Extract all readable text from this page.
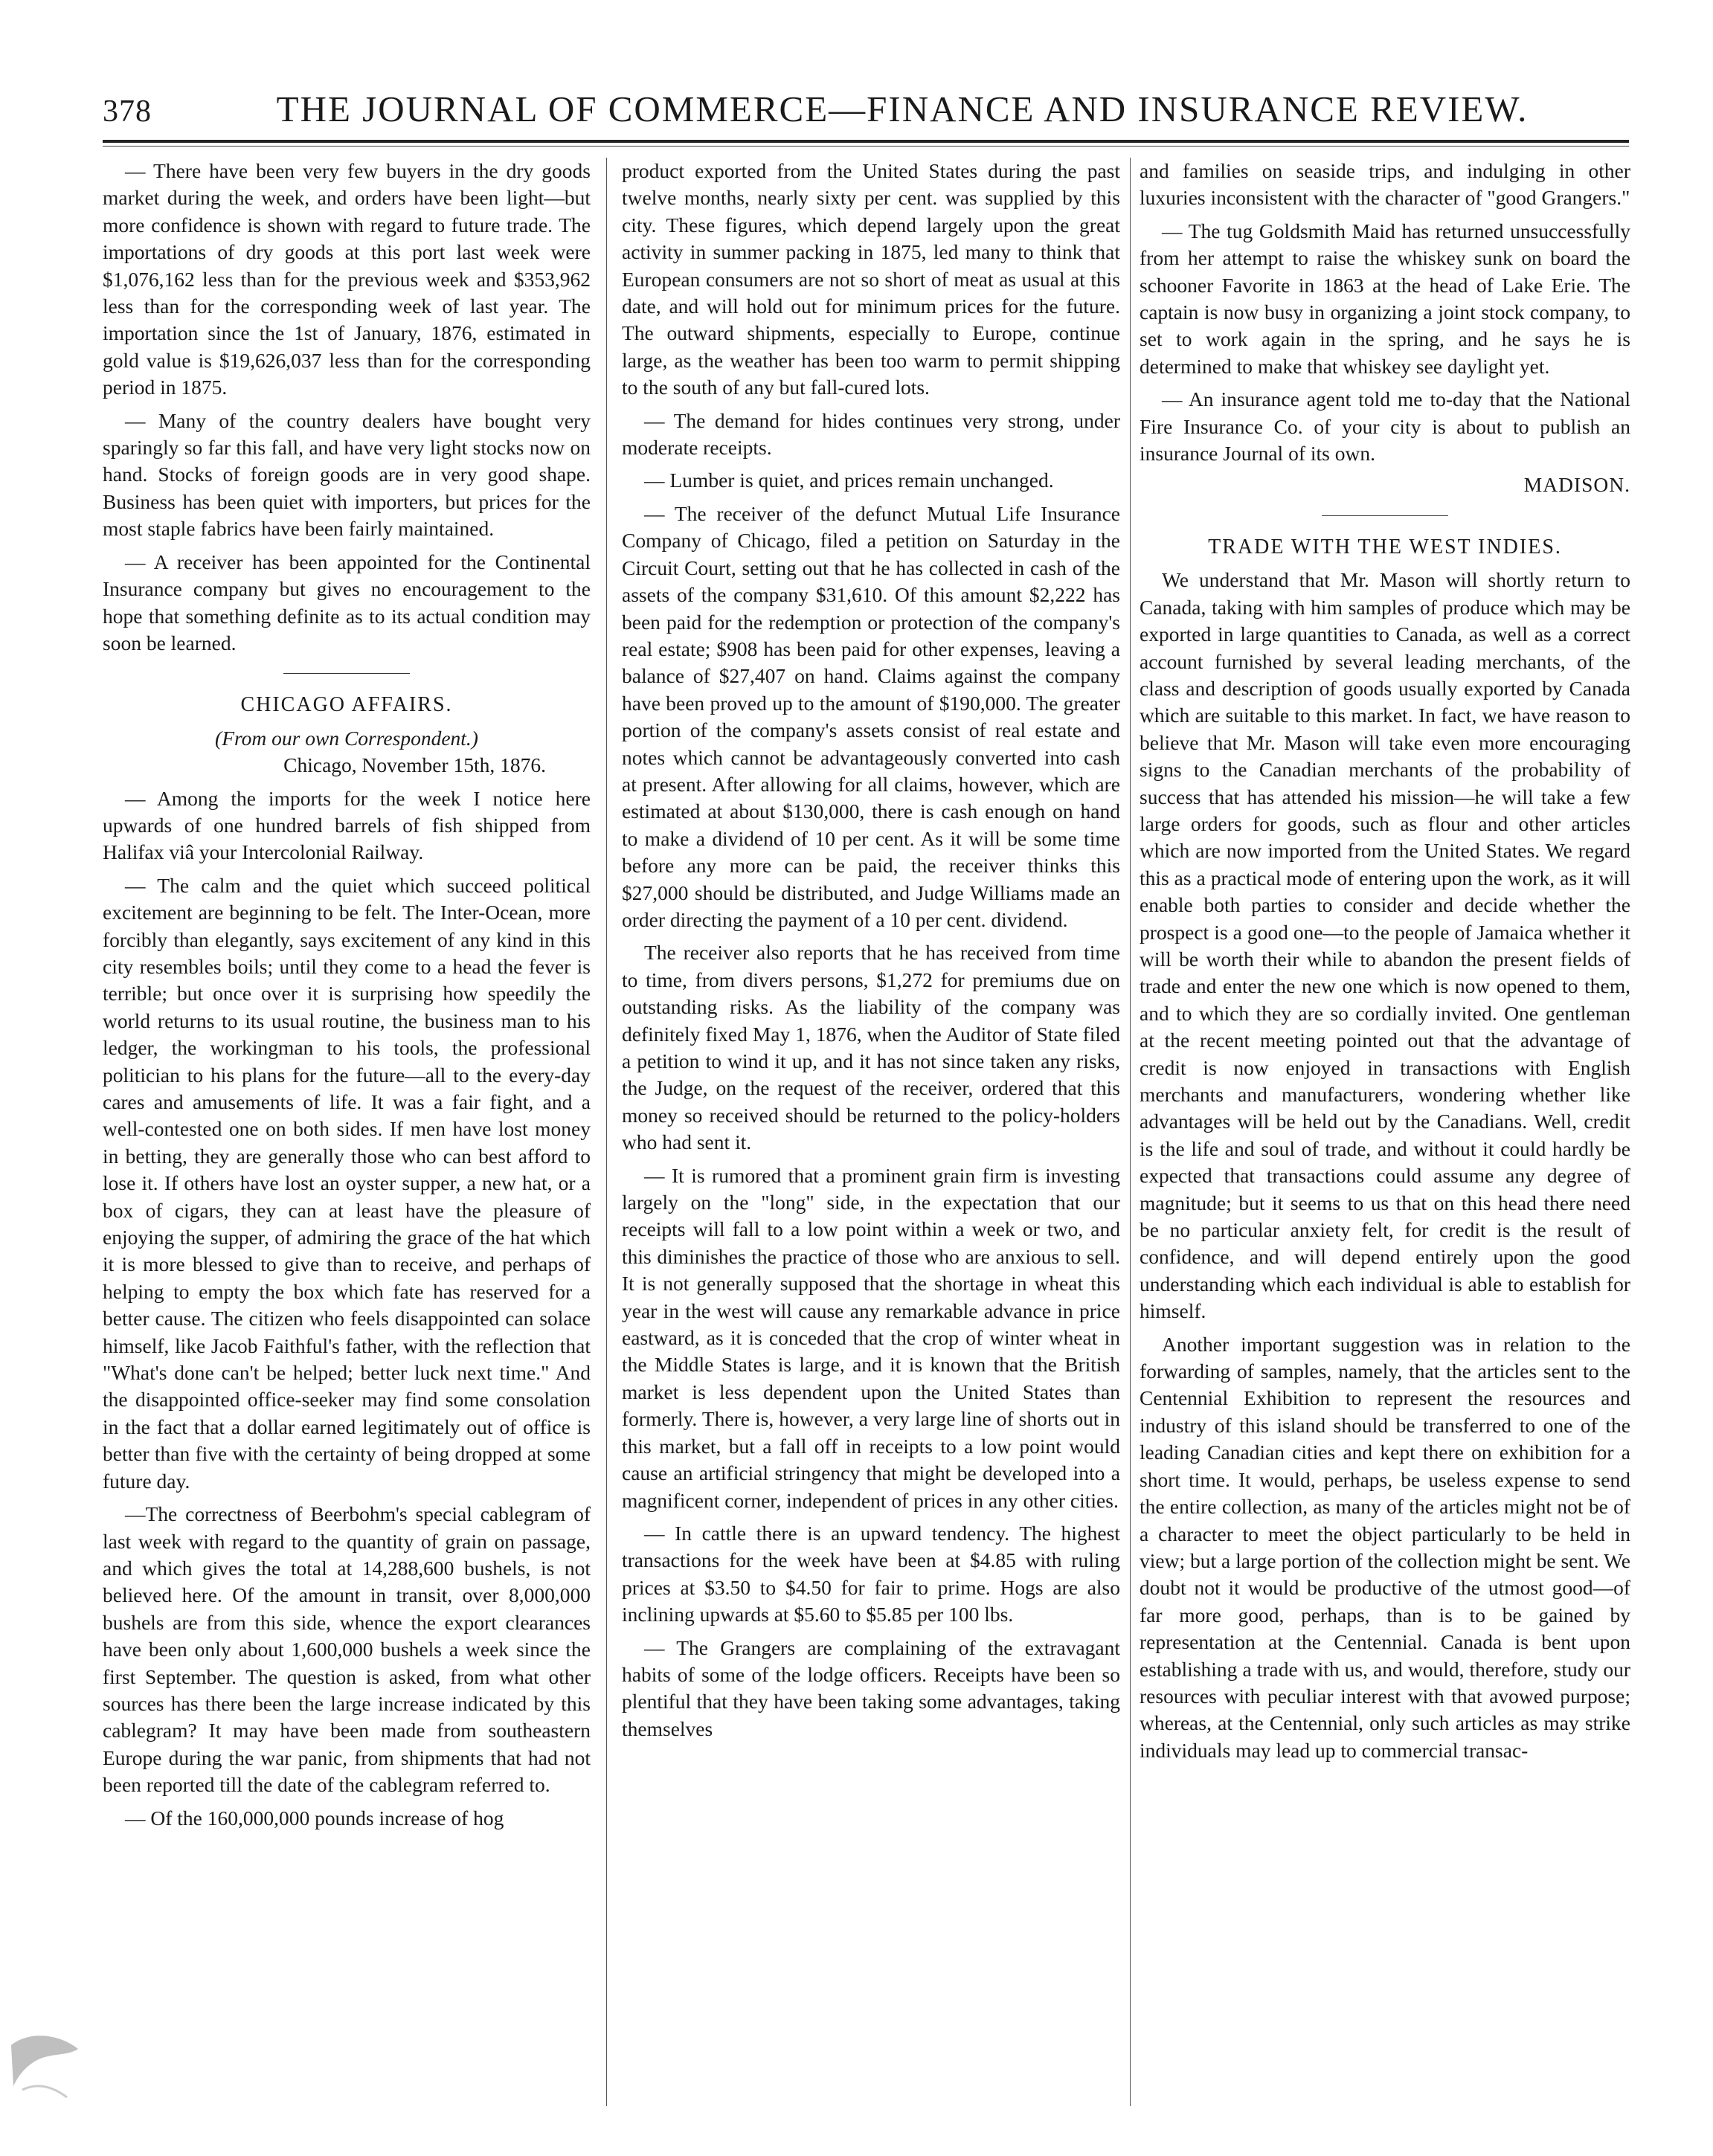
378	THE JOURNAL OF COMMERCE—FINANCE AND INSURANCE REVIEW.

— There have been very few buyers in the dry goods market during the week, and orders have been light—but more confidence is shown with regard to future trade. The importations of dry goods at this port last week were $1,076,162 less than for the previous week and $353,962 less than for the corresponding week of last year. The importation since the 1st of January, 1876, estimated in gold value is $19,626,037 less than for the corresponding period in 1875.

— Many of the country dealers have bought very sparingly so far this fall, and have very light stocks now on hand. Stocks of foreign goods are in very good shape. Business has been quiet with importers, but prices for the most staple fabrics have been fairly maintained.

— A receiver has been appointed for the Continental Insurance company but gives no encouragement to the hope that something definite as to its actual condition may soon be learned.

CHICAGO AFFAIRS.

(From our own Correspondent.)

Chicago, November 15th, 1876.

— Among the imports for the week I notice here upwards of one hundred barrels of fish shipped from Halifax viâ your Intercolonial Railway.

— The calm and the quiet which succeed political excitement are beginning to be felt. The Inter-Ocean, more forcibly than elegantly, says excitement of any kind in this city resembles boils; until they come to a head the fever is terrible; but once over it is surprising how speedily the world returns to its usual routine, the business man to his ledger, the workingman to his tools, the professional politician to his plans for the future—all to the every-day cares and amusements of life. It was a fair fight, and a well-contested one on both sides. If men have lost money in betting, they are generally those who can best afford to lose it. If others have lost an oyster supper, a new hat, or a box of cigars, they can at least have the pleasure of enjoying the supper, of admiring the grace of the hat which it is more blessed to give than to receive, and perhaps of helping to empty the box which fate has reserved for a better cause. The citizen who feels disappointed can solace himself, like Jacob Faithful's father, with the reflection that "What's done can't be helped; better luck next time." And the disappointed office-seeker may find some consolation in the fact that a dollar earned legitimately out of office is better than five with the certainty of being dropped at some future day.

—The correctness of Beerbohm's special cablegram of last week with regard to the quantity of grain on passage, and which gives the total at 14,288,600 bushels, is not believed here. Of the amount in transit, over 8,000,000 bushels are from this side, whence the export clearances have been only about 1,600,000 bushels a week since the first September. The question is asked, from what other sources has there been the large increase indicated by this cablegram? It may have been made from southeastern Europe during the war panic, from shipments that had not been reported till the date of the cablegram referred to.

— Of the 160,000,000 pounds increase of hog

product exported from the United States during the past twelve months, nearly sixty per cent. was supplied by this city. These figures, which depend largely upon the great activity in summer packing in 1875, led many to think that European consumers are not so short of meat as usual at this date, and will hold out for minimum prices for the future. The outward shipments, especially to Europe, continue large, as the weather has been too warm to permit shipping to the south of any but fall-cured lots.

— The demand for hides continues very strong, under moderate receipts.

— Lumber is quiet, and prices remain unchanged.

— The receiver of the defunct Mutual Life Insurance Company of Chicago, filed a petition on Saturday in the Circuit Court, setting out that he has collected in cash of the assets of the company $31,610. Of this amount $2,222 has been paid for the redemption or protection of the company's real estate; $908 has been paid for other expenses, leaving a balance of $27,407 on hand. Claims against the company have been proved up to the amount of $190,000. The greater portion of the company's assets consist of real estate and notes which cannot be advantageously converted into cash at present. After allowing for all claims, however, which are estimated at about $130,000, there is cash enough on hand to make a dividend of 10 per cent. As it will be some time before any more can be paid, the receiver thinks this $27,000 should be distributed, and Judge Williams made an order directing the payment of a 10 per cent. dividend.

The receiver also reports that he has received from time to time, from divers persons, $1,272 for premiums due on outstanding risks. As the liability of the company was definitely fixed May 1, 1876, when the Auditor of State filed a petition to wind it up, and it has not since taken any risks, the Judge, on the request of the receiver, ordered that this money so received should be returned to the policy-holders who had sent it.

— It is rumored that a prominent grain firm is investing largely on the "long" side, in the expectation that our receipts will fall to a low point within a week or two, and this diminishes the practice of those who are anxious to sell. It is not generally supposed that the shortage in wheat this year in the west will cause any remarkable advance in price eastward, as it is conceded that the crop of winter wheat in the Middle States is large, and it is known that the British market is less dependent upon the United States than formerly. There is, however, a very large line of shorts out in this market, but a fall off in receipts to a low point would cause an artificial stringency that might be developed into a magnificent corner, independent of prices in any other cities.

— In cattle there is an upward tendency. The highest transactions for the week have been at $4.85 with ruling prices at $3.50 to $4.50 for fair to prime. Hogs are also inclining upwards at $5.60 to $5.85 per 100 lbs.

— The Grangers are complaining of the extravagant habits of some of the lodge officers. Receipts have been so plentiful that they have been taking some advantages, taking themselves

and families on seaside trips, and indulging in other luxuries inconsistent with the character of "good Grangers."

— The tug Goldsmith Maid has returned unsuccessfully from her attempt to raise the whiskey sunk on board the schooner Favorite in 1863 at the head of Lake Erie. The captain is now busy in organizing a joint stock company, to set to work again in the spring, and he says he is determined to make that whiskey see daylight yet.

— An insurance agent told me to-day that the National Fire Insurance Co. of your city is about to publish an insurance Journal of its own.

MADISON.

TRADE WITH THE WEST INDIES.

We understand that Mr. Mason will shortly return to Canada, taking with him samples of produce which may be exported in large quantities to Canada, as well as a correct account furnished by several leading merchants, of the class and description of goods usually exported by Canada which are suitable to this market. In fact, we have reason to believe that Mr. Mason will take even more encouraging signs to the Canadian merchants of the probability of success that has attended his mission—he will take a few large orders for goods, such as flour and other articles which are now imported from the United States. We regard this as a practical mode of entering upon the work, as it will enable both parties to consider and decide whether the prospect is a good one—to the people of Jamaica whether it will be worth their while to abandon the present fields of trade and enter the new one which is now opened to them, and to which they are so cordially invited. One gentleman at the recent meeting pointed out that the advantage of credit is now enjoyed in transactions with English merchants and manufacturers, wondering whether like advantages will be held out by the Canadians. Well, credit is the life and soul of trade, and without it could hardly be expected that transactions could assume any degree of magnitude; but it seems to us that on this head there need be no particular anxiety felt, for credit is the result of confidence, and will depend entirely upon the good understanding which each individual is able to establish for himself.

Another important suggestion was in relation to the forwarding of samples, namely, that the articles sent to the Centennial Exhibition to represent the resources and industry of this island should be transferred to one of the leading Canadian cities and kept there on exhibition for a short time. It would, perhaps, be useless expense to send the entire collection, as many of the articles might not be of a character to meet the object particularly to be held in view; but a large portion of the collection might be sent. We doubt not it would be productive of the utmost good—of far more good, perhaps, than is to be gained by representation at the Centennial. Canada is bent upon establishing a trade with us, and would, therefore, study our resources with peculiar interest with that avowed purpose; whereas, at the Centennial, only such articles as may strike individuals may lead up to commercial transac-
